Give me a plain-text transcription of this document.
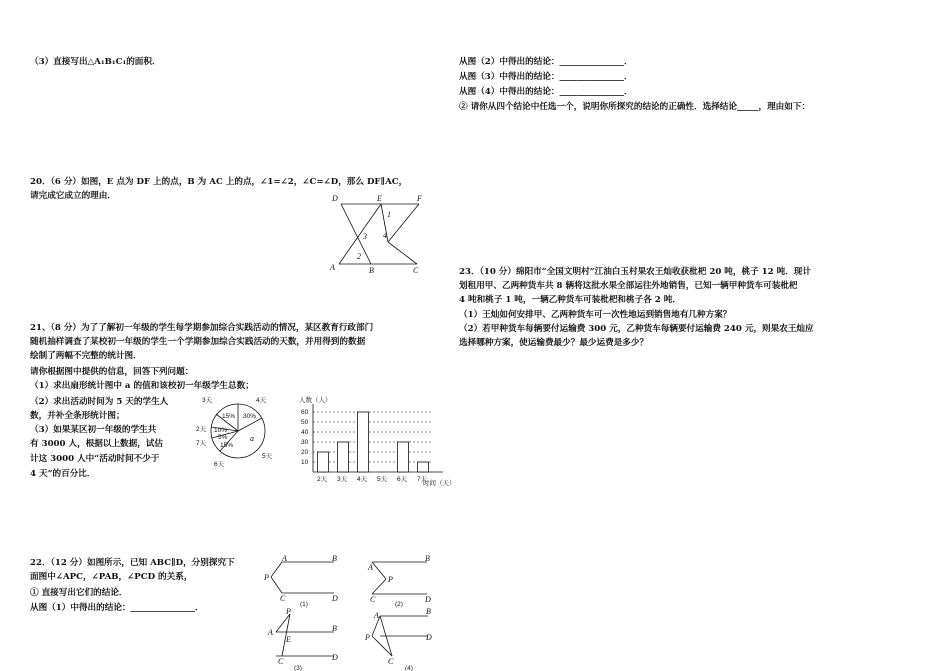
（3）直接写出△A₁B₁C₁的面积．
20．（6 分）如图，E 点为 DF 上的点，B 为 AC 上的点，∠1=∠2，∠C=∠D，那么 DF∥AC，
请完成它成立的理由．	D	E	F
A	B	C
1
4
3
2
21、（8 分）为了了解初一年级的学生每学期参加综合实践活动的情况，某区教育行政部门
随机抽样调查了某校初一年级的学生一个学期参加综合实践活动的天数，并用得到的数据
绘制了两幅不完整的统计图．
请你根据图中提供的信息，回答下列问题：
（1）求出扇形统计图中 a 的值和该校初一年级学生总数；
（2）求出活动时间为 5 天的学生人
数，并补全条形统计图；
（3）如果某区初一年级的学生共
有 3000 人，根据以上数据，试估
计这 3000 人中“活动时间不少于
4 天”的百分比．
30%
a
15%
10%
15%
5%
4天
5天
6天
7天
2天
3天	人数（人）
时间（天）
10
20
30
40
50
60
2天 3天 4天 5天 6天 7天
22．（12 分）如图所示，已知 ABC∥D，分别探究下
面图中∠APC，∠PAB，∠PCD 的关系，
① 直接写出它们的结论．
从图（1）中得出的结论：_______________．
A	B
P
C	D
(1)
A
B
P
C	D
(2)
P
A	B
E
C	D
(3)
A	B
P	D
C
(4)
从图（2）中得出的结论：_______________．
从图（3）中得出的结论：_______________．
从图（4）中得出的结论：_______________．
② 请你从四个结论中任选一个，说明你所探究的结论的正确性．选择结论_____，理由如下：
23．（10 分）绵阳市“全国文明村”江油白玉村果农王灿收获枇杷 20 吨，桃子 12 吨．现计
划租用甲、乙两种货车共 8 辆将这批水果全部运往外地销售，已知一辆甲种货车可装枇杷
4 吨和桃子 1 吨，一辆乙种货车可装枇杷和桃子各 2 吨．
（1）王灿如何安排甲、乙两种货车可一次性地运到销售地有几种方案？
（2）若甲种货车每辆要付运输费 300 元，乙种货车每辆要付运输费 240 元，则果农王灿应
选择哪种方案，使运输费最少？最少运费是多少？
